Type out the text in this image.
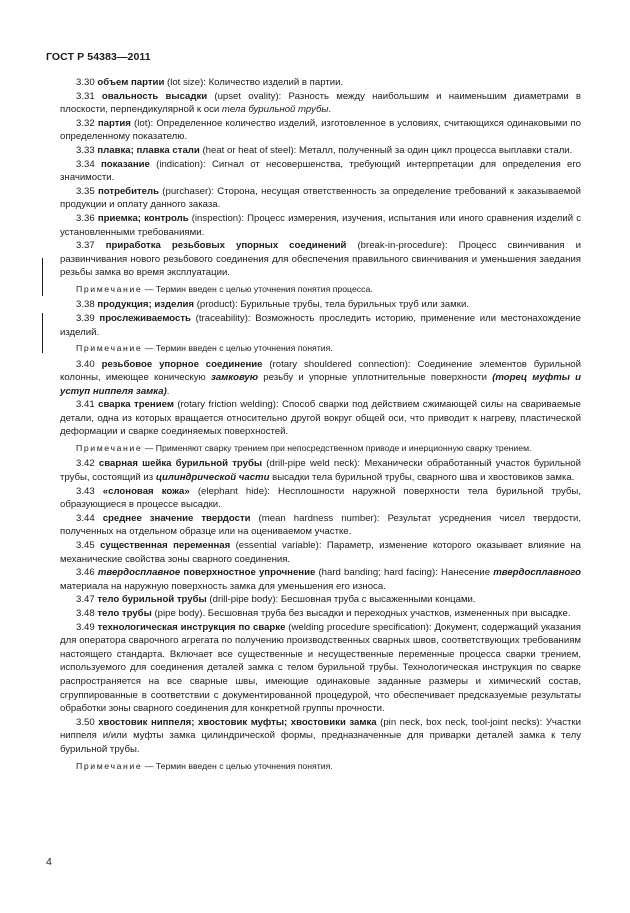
ГОСТ Р 54383—2011

3.30 объем партии (lot size): Количество изделий в партии.

3.31 овальность высадки (upset ovality): Разность между наибольшим и наименьшим диаметрами в плоскости, перпендикулярной к оси тела бурильной трубы.

3.32 партия (lot): Определенное количество изделий, изготовленное в условиях, считающихся одинаковыми по определенному показателю.

3.33 плавка; плавка стали (heat or heat of steel): Металл, полученный за один цикл процесса выплавки стали.

3.34 показание (indication): Сигнал от несовершенства, требующий интерпретации для определения его значимости.

3.35 потребитель (purchaser): Сторона, несущая ответственность за определение требований к заказываемой продукции и оплату данного заказа.

3.36 приемка; контроль (inspection): Процесс измерения, изучения, испытания или иного сравнения изделий с установленными требованиями.

3.37 приработка резьбовых упорных соединений (break-in-procedure): Процесс свинчивания и развинчивания нового резьбового соединения для обеспечения правильного свинчивания и уменьшения заедания резьбы замка во время эксплуатации.

Примечание — Термин введен с целью уточнения понятия процесса.

3.38 продукция; изделия (product): Бурильные трубы, тела бурильных труб или замки.

3.39 прослеживаемость (traceability): Возможность проследить историю, применение или местонахождение изделий.

Примечание — Термин введен с целью уточнения понятия.

3.40 резьбовое упорное соединение (rotary shouldered connection): Соединение элементов бурильной колонны, имеющее коническую замковую резьбу и упорные уплотнительные поверхности (торец муфты и уступ ниппеля замка).

3.41 сварка трением (rotary friction welding): Способ сварки под действием сжимающей силы на свариваемые детали, одна из которых вращается относительно другой вокруг общей оси, что приводит к нагреву, пластической деформации и сварке соединяемых поверхностей.

Примечание — Применяют сварку трением при непосредственном приводе и инерционную сварку трением.

3.42 сварная шейка бурильной трубы (drill-pipe weld neck): Механически обработанный участок бурильной трубы, состоящий из цилиндрической части высадки тела бурильной трубы, сварного шва и хвостовиков замка.

3.43 «слоновая кожа» (elephant hide): Несплошности наружной поверхности тела бурильной трубы, образующиеся в процессе высадки.

3.44 среднее значение твердости (mean hardness number): Результат усреднения чисел твердости, полученных на отдельном образце или на оцениваемом участке.

3.45 существенная переменная (essential variable): Параметр, изменение которого оказывает влияние на механические свойства зоны сварного соединения.

3.46 твердосплавное поверхностное упрочнение (hard banding; hard facing): Нанесение твердосплавного материала на наружную поверхность замка для уменьшения его износа.

3.47 тело бурильной трубы (drill-pipe body): Бесшовная труба с высаженными концами.

3.48 тело трубы (pipe body). Бесшовная труба без высадки и переходных участков, измененных при высадке.

3.49 технологическая инструкция по сварке (welding procedure specification): Документ, содержащий указания для оператора сварочного агрегата по получению производственных сварных швов, соответствующих требованиям настоящего стандарта. Включает все существенные и несущественные переменные процесса сварки трением, используемого для соединения деталей замка с телом бурильной трубы. Технологическая инструкция по сварке распространяется на все сварные швы, имеющие одинаковые заданные размеры и химический состав, сгруппированные в соответствии с документированной процедурой, что обеспечивает предсказуемые результаты обработки зоны сварного соединения для конкретной группы прочности.

3.50 хвостовик ниппеля; хвостовик муфты; хвостовики замка (pin neck, box neck, tool-joint necks): Участки ниппеля и/или муфты замка цилиндрической формы, предназначенные для приварки деталей замка к телу бурильной трубы.

Примечание — Термин введен с целью уточнения понятия.

4
